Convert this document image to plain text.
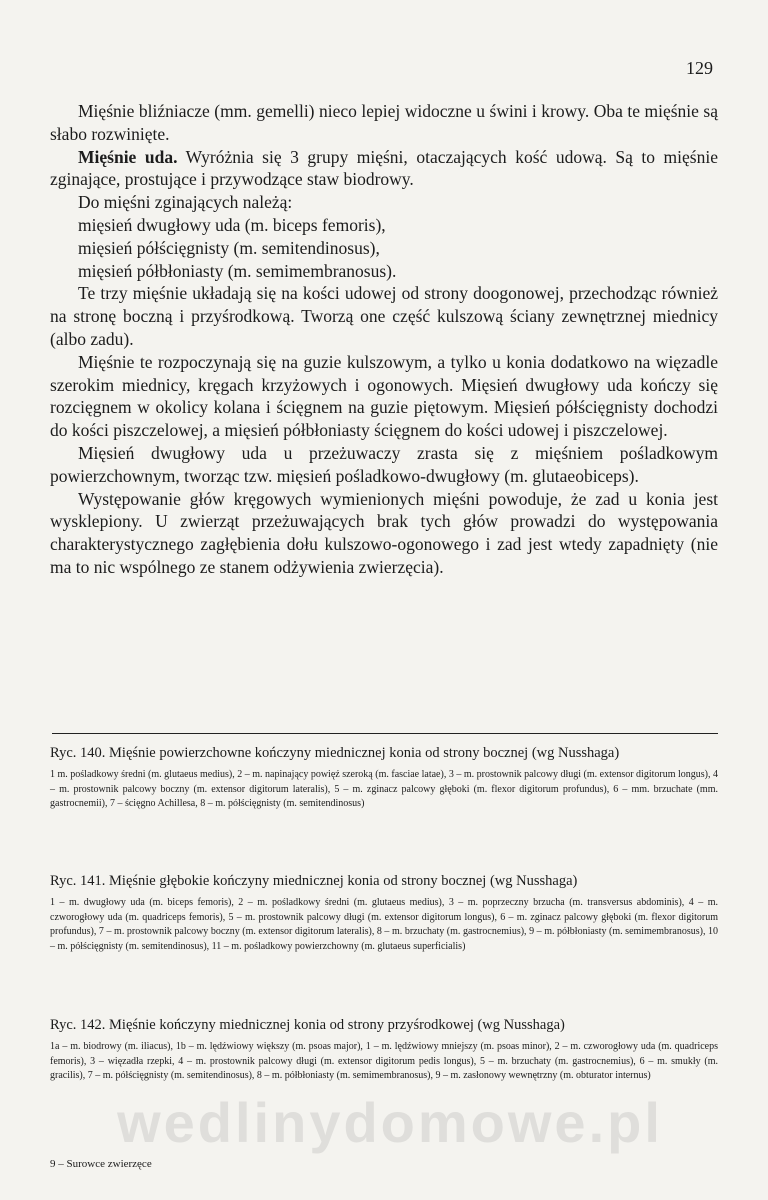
129

Mięśnie bliźniacze (mm. gemelli) nieco lepiej widoczne u świni i krowy. Oba te mięśnie są słabo rozwinięte.

Mięśnie uda. Wyróżnia się 3 grupy mięśni, otaczających kość udową. Są to mięśnie zginające, prostujące i przywodzące staw biodrowy.

Do mięśni zginających należą:

mięsień dwugłowy uda (m. biceps femoris),

mięsień półścięgnisty (m. semitendinosus),

mięsień półbłoniasty (m. semimembranosus).

Te trzy mięśnie układają się na kości udowej od strony doogonowej, przechodząc również na stronę boczną i przyśrodkową. Tworzą one część kulszową ściany zewnętrznej miednicy (albo zadu).

Mięśnie te rozpoczynają się na guzie kulszowym, a tylko u konia dodatkowo na więzadle szerokim miednicy, kręgach krzyżowych i ogonowych. Mięsień dwugłowy uda kończy się rozcięgnem w okolicy kolana i ścięgnem na guzie piętowym. Mięsień półścięgnisty dochodzi do kości piszczelowej, a mięsień półbłoniasty ścięgnem do kości udowej i piszczelowej.

Mięsień dwugłowy uda u przeżuwaczy zrasta się z mięśniem pośladkowym powierzchownym, tworząc tzw. mięsień pośladkowo-dwugłowy (m. glutaeobiceps).

Występowanie głów kręgowych wymienionych mięśni powoduje, że zad u konia jest wysklepiony. U zwierząt przeżuwających brak tych głów prowadzi do występowania charakterystycznego zagłębienia dołu kulszowo-ogonowego i zad jest wtedy zapadnięty (nie ma to nic wspólnego ze stanem odżywienia zwierzęcia).

Ryc. 140. Mięśnie powierzchowne kończyny miednicznej konia od strony bocznej (wg Nusshaga)

1 m. pośladkowy średni (m. glutaeus medius), 2 – m. napinający powięź szeroką (m. fasciae latae), 3 – m. prostownik palcowy długi (m. extensor digitorum longus), 4 – m. prostownik palcowy boczny (m. extensor digitorum lateralis), 5 – m. zginacz palcowy głęboki (m. flexor digitorum profundus), 6 – mm. brzuchate (mm. gastrocnemii), 7 – ścięgno Achillesa, 8 – m. półścięgnisty (m. semitendinosus)

Ryc. 141. Mięśnie głębokie kończyny miednicznej konia od strony bocznej (wg Nusshaga)

1 – m. dwugłowy uda (m. biceps femoris), 2 – m. pośladkowy średni (m. glutaeus medius), 3 – m. poprzeczny brzucha (m. transversus abdominis), 4 – m. czworogłowy uda (m. quadriceps femoris), 5 – m. prostownik palcowy długi (m. extensor digitorum longus), 6 – m. zginacz palcowy głęboki (m. flexor digitorum profundus), 7 – m. prostownik palcowy boczny (m. extensor digitorum lateralis), 8 – m. brzuchaty (m. gastrocnemius), 9 – m. półbłoniasty (m. semimembranosus), 10 – m. półścięgnisty (m. semitendinosus), 11 – m. pośladkowy powierzchowny (m. glutaeus superficialis)

Ryc. 142. Mięśnie kończyny miednicznej konia od strony przyśrodkowej (wg Nusshaga)

1a – m. biodrowy (m. iliacus), 1b – m. lędźwiowy większy (m. psoas major), 1 – m. lędźwiowy mniejszy (m. psoas minor), 2 – m. czworogłowy uda (m. quadriceps femoris), 3 – więzadła rzepki, 4 – m. prostownik palcowy długi (m. extensor digitorum pedis longus), 5 – m. brzuchaty (m. gastrocnemius), 6 – m. smukły (m. gracilis), 7 – m. półścięgnisty (m. semitendinosus), 8 – m. półbłoniasty (m. semimembranosus), 9 – m. zasłonowy wewnętrzny (m. obturator internus)

wedlinydomowe.pl
9 – Surowce zwierzęce
